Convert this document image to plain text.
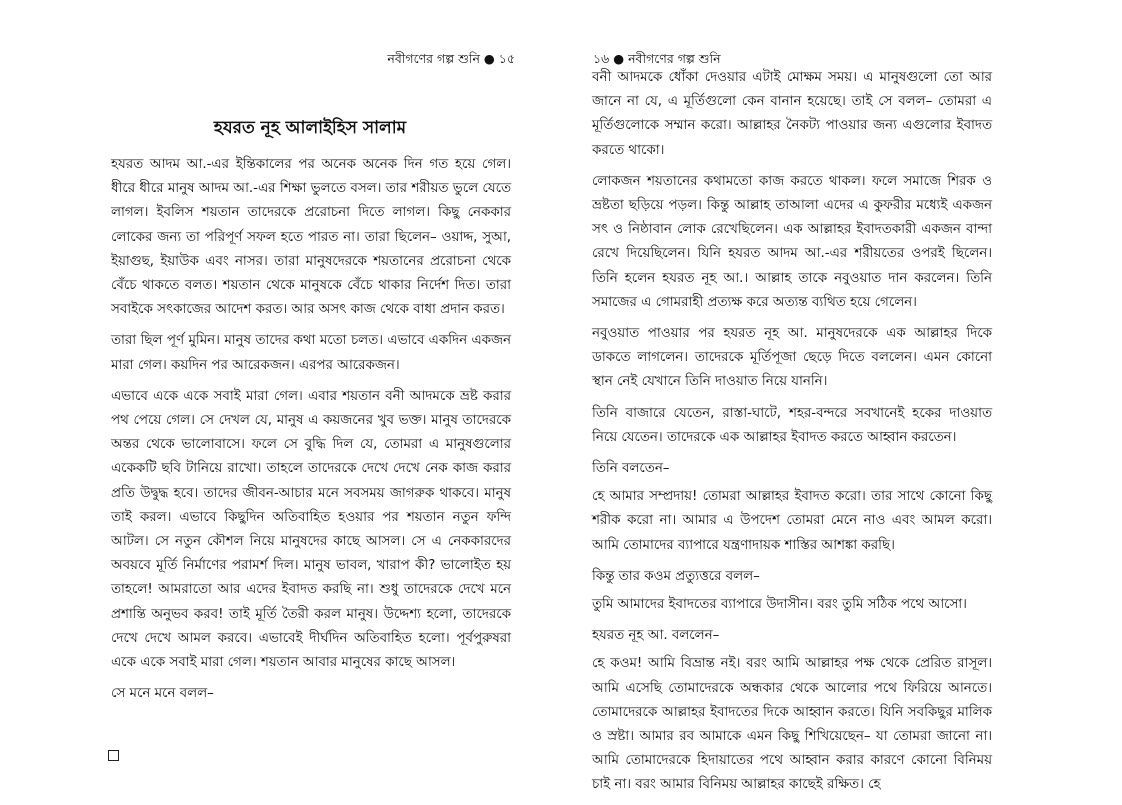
নবীগণের গল্প শুনি ● ১৫
হযরত নূহ আলাইহিস সালাম

হযরত আদম আ.-এর ইন্তিকালের পর অনেক অনেক দিন গত হয়ে গেল। ধীরে ধীরে মানুষ আদম আ.-এর শিক্ষা ভুলতে বসল। তার শরীয়ত ভুলে যেতে লাগল। ইবলিস শয়তান তাদেরকে প্ররোচনা দিতে লাগল। কিছু নেককার লোকের জন্য তা পরিপূর্ণ সফল হতে পারত না। তারা ছিলেন– ওয়াদ্দ, সুআ, ইয়াগুছ, ইয়াউক এবং নাসর। তারা মানুষদেরকে শয়তানের প্ররোচনা থেকে বেঁচে থাকতে বলত। শয়তান থেকে মানুষকে বেঁচে থাকার নির্দেশ দিত। তারা সবাইকে সৎকাজের আদেশ করত। আর অসৎ কাজ থেকে বাধা প্রদান করত।

তারা ছিল পূর্ণ মুমিন। মানুষ তাদের কথা মতো চলত। এভাবে একদিন একজন মারা গেল। কয়দিন পর আরেকজন। এরপর আরেকজন।

এভাবে একে একে সবাই মারা গেল। এবার শয়তান বনী আদমকে ভ্রষ্ট করার পথ পেয়ে গেল। সে দেখল যে, মানুষ এ কয়জনের খুব ভক্ত। মানুষ তাদেরকে অন্তর থেকে ভালোবাসে। ফলে সে বুদ্ধি দিল যে, তোমরা এ মানুষগুলোর একেকটি ছবি টানিয়ে রাখো। তাহলে তাদেরকে দেখে দেখে নেক কাজ করার প্রতি উদ্বুদ্ধ হবে। তাদের জীবন-আচার মনে সবসময় জাগরুক থাকবে। মানুষ তাই করল। এভাবে কিছুদিন অতিবাহিত হওয়ার পর শয়তান নতুন ফন্দি আটল। সে নতুন কৌশল নিয়ে মানুষদের কাছে আসল। সে এ নেককারদের অবয়বে মূর্তি নির্মাণের পরামর্শ দিল। মানুষ ভাবল, খারাপ কী? ভালোইত হয় তাহলে! আমরাতো আর এদের ইবাদত করছি না। শুধু তাদেরকে দেখে মনে প্রশান্তি অনুভব করব! তাই মূর্তি তৈরী করল মানুষ। উদ্দেশ্য হলো, তাদেরকে দেখে দেখে আমল করবে। এভাবেই দীর্ঘদিন অতিবাহিত হলো। পূর্বপুরুষরা একে একে সবাই মারা গেল। শয়তান আবার মানুষের কাছে আসল।

সে মনে মনে বলল–

১৬ ● নবীগণের গল্প শুনি

বনী আদমকে ধোঁকা দেওয়ার এটাই মোক্ষম সময়। এ মানুষগুলো তো আর জানে না যে, এ মূর্তিগুলো কেন বানান হয়েছে। তাই সে বলল– তোমরা এ মূর্তিগুলোকে সম্মান করো। আল্লাহর নৈকট্য পাওয়ার জন্য এগুলোর ইবাদত করতে থাকো।

লোকজন শয়তানের কথামতো কাজ করতে থাকল। ফলে সমাজে শিরক ও ভ্রষ্টতা ছড়িয়ে পড়ল। কিন্তু আল্লাহ তাআলা এদের এ কুফরীর মধ্যেই একজন সৎ ও নিষ্ঠাবান লোক রেখেছিলেন। এক আল্লাহর ইবাদতকারী একজন বান্দা রেখে দিয়েছিলেন। যিনি হযরত আদম আ.-এর শরীয়তের ওপরই ছিলেন। তিনি হলেন হযরত নূহ আ.। আল্লাহ তাকে নবুওয়াত দান করলেন। তিনি সমাজের এ গোমরাহী প্রত্যক্ষ করে অত্যন্ত ব্যথিত হয়ে গেলেন।

নবুওয়াত পাওয়ার পর হযরত নূহ আ. মানুষদেরকে এক আল্লাহর দিকে ডাকতে লাগলেন। তাদেরকে মূর্তিপূজা ছেড়ে দিতে বললেন। এমন কোনো স্থান নেই যেখানে তিনি দাওয়াত নিয়ে যাননি।

তিনি বাজারে যেতেন, রাস্তা-ঘাটে, শহর-বন্দরে সবখানেই হকের দাওয়াত নিয়ে যেতেন। তাদেরকে এক আল্লাহর ইবাদত করতে আহ্বান করতেন।

তিনি বলতেন–

হে আমার সম্প্রদায়! তোমরা আল্লাহর ইবাদত করো। তার সাথে কোনো কিছু শরীক করো না। আমার এ উপদেশ তোমরা মেনে নাও এবং আমল করো। আমি তোমাদের ব্যাপারে যন্ত্রণাদায়ক শাস্তির আশঙ্কা করছি।

কিন্তু তার কওম প্রত্যুত্তরে বলল–

তুমি আমাদের ইবাদতের ব্যাপারে উদাসীন। বরং তুমি সঠিক পথে আসো।

হযরত নূহ আ. বললেন–

হে কওম! আমি বিভ্রান্ত নই। বরং আমি আল্লাহর পক্ষ থেকে প্রেরিত রাসূল। আমি এসেছি তোমাদেরকে অন্ধকার থেকে আলোর পথে ফিরিয়ে আনতে। তোমাদেরকে আল্লাহর ইবাদতের দিকে আহ্বান করতে। যিনি সবকিছুর মালিক ও স্রষ্টা। আমার রব আমাকে এমন কিছু শিখিয়েছেন– যা তোমরা জানো না। আমি তোমাদেরকে হিদায়াতের পথে আহ্বান করার কারণে কোনো বিনিময় চাই না। বরং আমার বিনিময় আল্লাহর কাছেই রক্ষিত। হে
